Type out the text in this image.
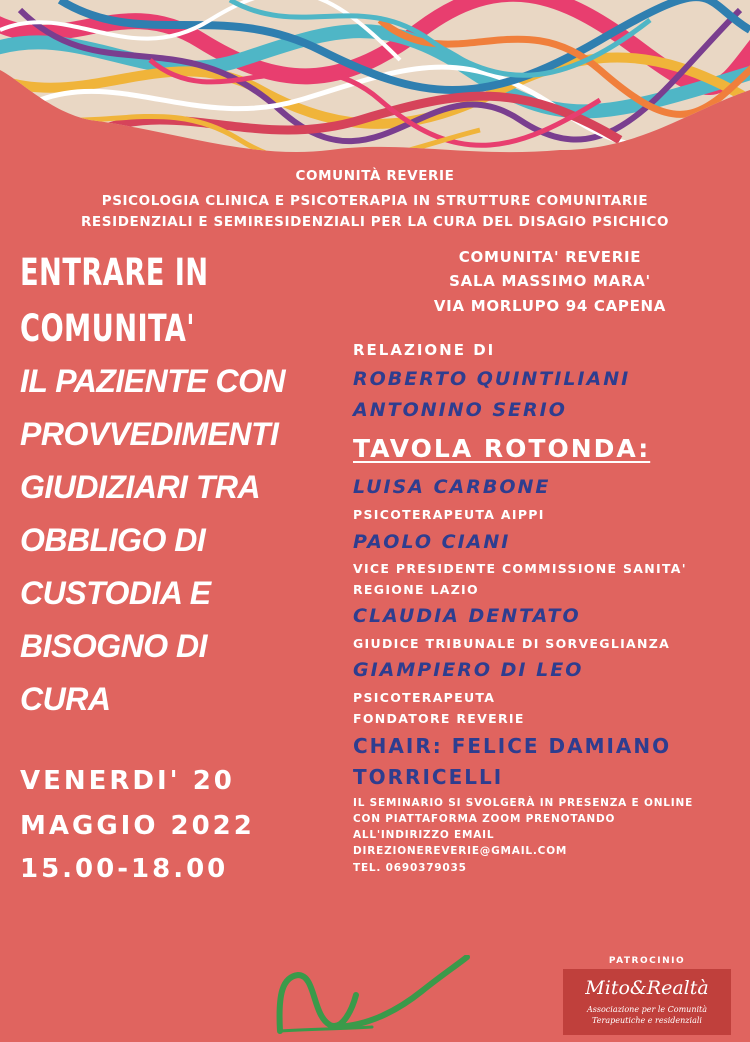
COMUNITÀ REVERIE
PSICOLOGIA CLINICA E PSICOTERAPIA IN STRUTTURE COMUNITARIE
RESIDENZIALI E SEMIRESIDENZIALI PER LA CURA DEL DISAGIO PSICHICO
ENTRARE IN
COMUNITA'
IL PAZIENTE CON
PROVVEDIMENTI
GIUDIZIARI TRA
OBBLIGO DI
CUSTODIA E
BISOGNO DI
CURA
VENERDI' 20
MAGGIO 2022
15.00-18.00
COMUNITA' REVERIE
SALA MASSIMO MARA'
VIA MORLUPO 94 CAPENA
RELAZIONE DI
ROBERTO QUINTILIANI
ANTONINO SERIO
TAVOLA ROTONDA:
LUISA CARBONE
PSICOTERAPEUTA AIPPI
PAOLO CIANI
VICE PRESIDENTE COMMISSIONE SANITA'
REGIONE LAZIO
CLAUDIA DENTATO
GIUDICE TRIBUNALE DI SORVEGLIANZA
GIAMPIERO DI LEO
PSICOTERAPEUTA
FONDATORE REVERIE
CHAIR: FELICE DAMIANO
TORRICELLI
IL SEMINARIO SI SVOLGERÀ IN PRESENZA E ONLINE
CON PIATTAFORMA ZOOM PRENOTANDO
ALL'INDIRIZZO EMAIL
DIREZIONEREVERIE@GMAIL.COM
TEL. 0690379035
PATROCINIO
Mito&Realtà
Associazione per le Comunità
Terapeutiche e residenziali
